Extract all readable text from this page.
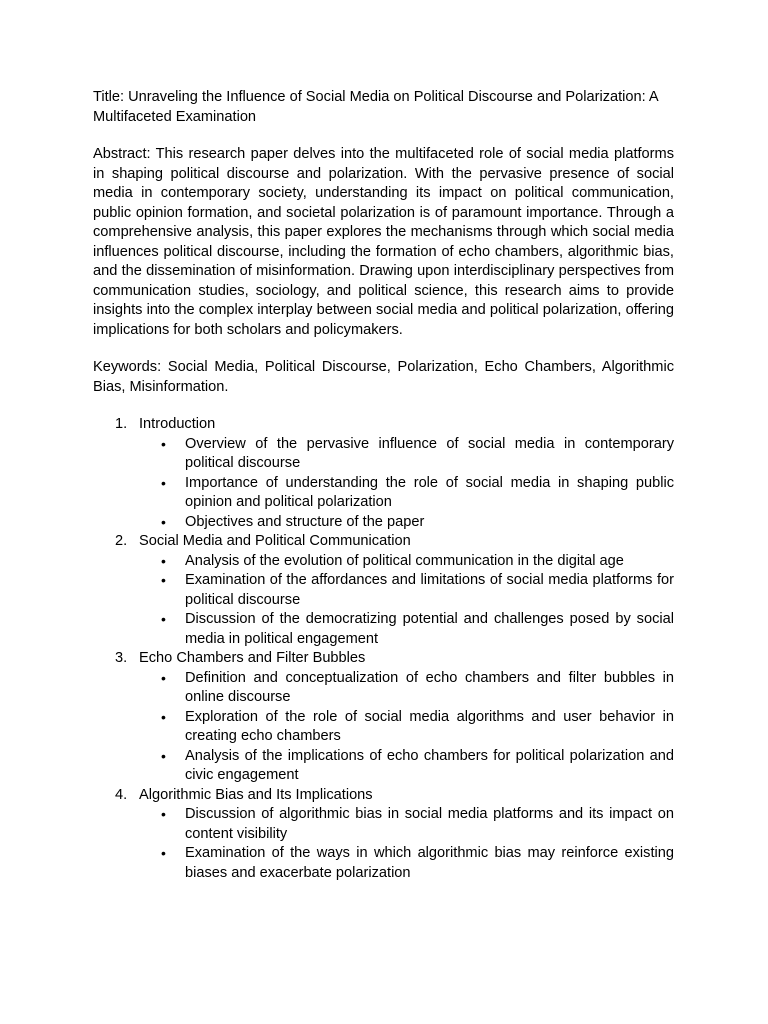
Title: Unraveling the Influence of Social Media on Political Discourse and Polarization: A Multifaceted Examination

Abstract: This research paper delves into the multifaceted role of social media platforms in shaping political discourse and polarization. With the pervasive presence of social media in contemporary society, understanding its impact on political communication, public opinion formation, and societal polarization is of paramount importance. Through a comprehensive analysis, this paper explores the mechanisms through which social media influences political discourse, including the formation of echo chambers, algorithmic bias, and the dissemination of misinformation. Drawing upon interdisciplinary perspectives from communication studies, sociology, and political science, this research aims to provide insights into the complex interplay between social media and political polarization, offering implications for both scholars and policymakers.

Keywords: Social Media, Political Discourse, Polarization, Echo Chambers, Algorithmic Bias, Misinformation.

1. Introduction
• Overview of the pervasive influence of social media in contemporary political discourse
• Importance of understanding the role of social media in shaping public opinion and political polarization
• Objectives and structure of the paper
2. Social Media and Political Communication
• Analysis of the evolution of political communication in the digital age
• Examination of the affordances and limitations of social media platforms for political discourse
• Discussion of the democratizing potential and challenges posed by social media in political engagement
3. Echo Chambers and Filter Bubbles
• Definition and conceptualization of echo chambers and filter bubbles in online discourse
• Exploration of the role of social media algorithms and user behavior in creating echo chambers
• Analysis of the implications of echo chambers for political polarization and civic engagement
4. Algorithmic Bias and Its Implications
• Discussion of algorithmic bias in social media platforms and its impact on content visibility
• Examination of the ways in which algorithmic bias may reinforce existing biases and exacerbate polarization
